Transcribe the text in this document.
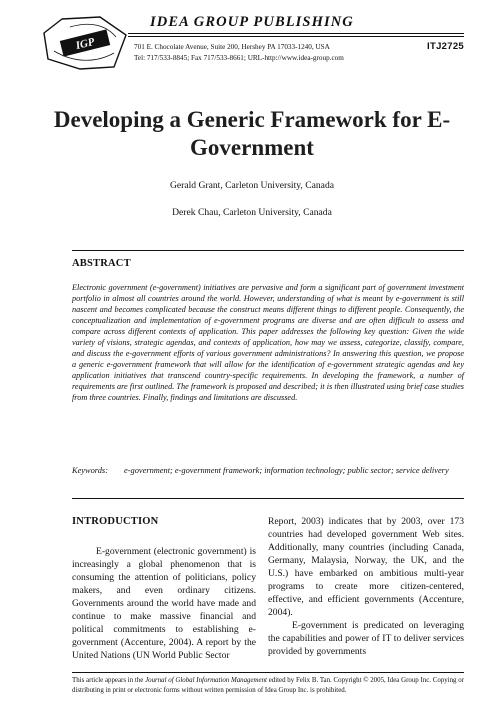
IGP
IDEA GROUP PUBLISHING
701 E. Chocolate Avenue, Suite 200, Hershey PA 17033-1240, USA
Tel: 717/533-8845; Fax 717/533-8661; URL-http://www.idea-group.com
ITJ2725
Developing a Generic Framework for E-Government
Gerald Grant, Carleton University, Canada
Derek Chau, Carleton University, Canada
ABSTRACT

Electronic government (e-government) initiatives are pervasive and form a significant part of government investment portfolio in almost all countries around the world. However, understanding of what is meant by e-government is still nascent and becomes complicated because the construct means different things to different people. Consequently, the conceptualization and implementation of e-government programs are diverse and are often difficult to assess and compare across different contexts of application. This paper addresses the following key question: Given the wide variety of visions, strategic agendas, and contexts of application, how may we assess, categorize, classify, compare, and discuss the e-government efforts of various government administrations? In answering this question, we propose a generic e-government framework that will allow for the identification of e-government strategic agendas and key application initiatives that transcend country-specific requirements. In developing the framework, a number of requirements are first outlined. The framework is proposed and described; it is then illustrated using brief case studies from three countries. Finally, findings and limitations are discussed.

Keywords:	e-government; e-government framework; information technology; public sector; service delivery
INTRODUCTION

E-government (electronic government) is increasingly a global phenomenon that is consuming the attention of politicians, policy makers, and even ordinary citizens. Governments around the world have made and continue to make massive financial and political commitments to establishing e-government (Accenture, 2004). A report by the United Nations (UN World Public Sector

Report, 2003) indicates that by 2003, over 173 countries had developed government Web sites. Additionally, many countries (including Canada, Germany, Malaysia, Norway, the UK, and the U.S.) have embarked on ambitious multi-year programs to create more citizen-centered, effective, and efficient governments (Accenture, 2004).
E-government is predicated on leveraging the capabilities and power of IT to deliver services provided by governments

This article appears in the Journal of Global Information Management edited by Felix B. Tan. Copyright © 2005, Idea Group Inc. Copying or distributing in print or electronic forms without written permission of Idea Group Inc. is prohibited.
